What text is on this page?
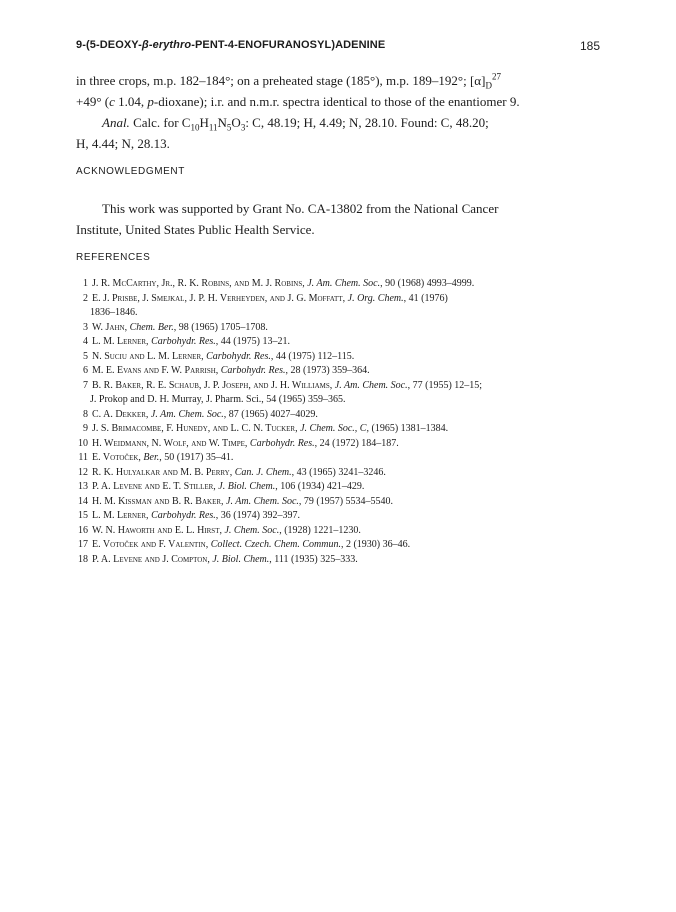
9-(5-DEOXY-β-erythro-PENT-4-ENOFURANOSYL)ADENINE	185
in three crops, m.p. 182–184°; on a preheated stage (185°), m.p. 189–192°; $[\alpha]_D^{27}$
+49° (c 1.04, p-dioxane); i.r. and n.m.r. spectra identical to those of the enantiomer 9.
Anal. Calc. for $C_{10}H_{11}N_5O_3$: C, 48.19; H, 4.49; N, 28.10. Found: C, 48.20;
H, 4.44; N, 28.13.
ACKNOWLEDGMENT
This work was supported by Grant No. CA-13802 from the National Cancer
Institute, United States Public Health Service.
REFERENCES
1 J. R. McCarthy, Jr., R. K. Robins, and M. J. Robins, J. Am. Chem. Soc., 90 (1968) 4993–4999.
2 E. J. Prisbe, J. Smejkal, J. P. H. Verheyden, and J. G. Moffatt, J. Org. Chem., 41 (1976)
1836–1846.
3 W. Jahn, Chem. Ber., 98 (1965) 1705–1708.
4 L. M. Lerner, Carbohydr. Res., 44 (1975) 13–21.
5 N. Suciu and L. M. Lerner, Carbohydr. Res., 44 (1975) 112–115.
6 M. E. Evans and F. W. Parrish, Carbohydr. Res., 28 (1973) 359–364.
7 B. R. Baker, R. E. Schaub, J. P. Joseph, and J. H. Williams, J. Am. Chem. Soc., 77 (1955) 12–15;
J. Prokop and D. H. Murray, J. Pharm. Sci., 54 (1965) 359–365.
8 C. A. Dekker, J. Am. Chem. Soc., 87 (1965) 4027–4029.
9 J. S. Brimacombe, F. Hunedy, and L. C. N. Tucker, J. Chem. Soc., C, (1965) 1381–1384.
10 H. Weidmann, N. Wolf, and W. Timpe, Carbohydr. Res., 24 (1972) 184–187.
11 E. Votoček, Ber., 50 (1917) 35–41.
12 R. K. Hulyalkar and M. B. Perry, Can. J. Chem., 43 (1965) 3241–3246.
13 P. A. Levene and E. T. Stiller, J. Biol. Chem., 106 (1934) 421–429.
14 H. M. Kissman and B. R. Baker, J. Am. Chem. Soc., 79 (1957) 5534–5540.
15 L. M. Lerner, Carbohydr. Res., 36 (1974) 392–397.
16 W. N. Haworth and E. L. Hirst, J. Chem. Soc., (1928) 1221–1230.
17 E. Votoček and F. Valentin, Collect. Czech. Chem. Commun., 2 (1930) 36–46.
18 P. A. Levene and J. Compton, J. Biol. Chem., 111 (1935) 325–333.
